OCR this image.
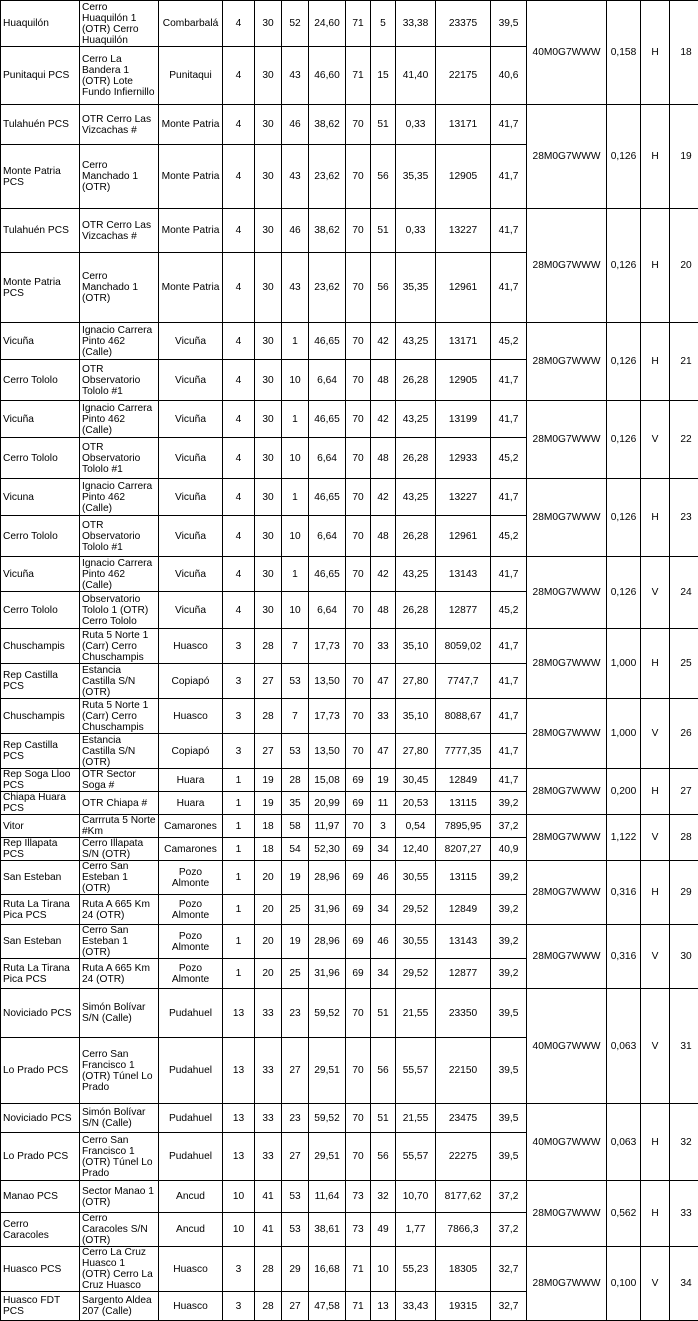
Huaquilón	Cerro Huaquilón 1 (OTR) Cerro Huaquilón	Combarbalá	4	30	52	24,60	71	5	33,38	23375	39,5	40M0G7WWW	0,158	H	18
Punitaqui PCS	Cerro La Bandera 1 (OTR) Lote Fundo Infiernillo	Punitaqui	4	30	43	46,60	71	15	41,40	22175	40,6				
Tulahuén PCS	OTR Cerro Las Vizcachas #	Monte Patria	4	30	46	38,62	70	51	0,33	13171	41,7	28M0G7WWW	0,126	H	19
Monte Patria PCS	Cerro Manchado 1 (OTR)	Monte Patria	4	30	43	23,62	70	56	35,35	12905	41,7				
Tulahuén PCS	OTR Cerro Las Vizcachas #	Monte Patria	4	30	46	38,62	70	51	0,33	13227	41,7	28M0G7WWW	0,126	H	20
Monte Patria PCS	Cerro Manchado 1 (OTR)	Monte Patria	4	30	43	23,62	70	56	35,35	12961	41,7				
Vicuña	Ignacio Carrera Pinto 462 (Calle)	Vicuña	4	30	1	46,65	70	42	43,25	13171	45,2	28M0G7WWW	0,126	H	21
Cerro Tololo	OTR Observatorio Tololo #1	Vicuña	4	30	10	6,64	70	48	26,28	12905	41,7				
Vicuña	Ignacio Carrera Pinto 462 (Calle)	Vicuña	4	30	1	46,65	70	42	43,25	13199	41,7	28M0G7WWW	0,126	V	22
Cerro Tololo	OTR Observatorio Tololo #1	Vicuña	4	30	10	6,64	70	48	26,28	12933	45,2				
Vicuna	Ignacio Carrera Pinto 462 (Calle)	Vicuña	4	30	1	46,65	70	42	43,25	13227	41,7	28M0G7WWW	0,126	H	23
Cerro Tololo	OTR Observatorio Tololo #1	Vicuña	4	30	10	6,64	70	48	26,28	12961	45,2				
Vicuña	Ignacio Carrera Pinto 462 (Calle)	Vicuña	4	30	1	46,65	70	42	43,25	13143	41,7	28M0G7WWW	0,126	V	24
Cerro Tololo	Observatorio Tololo 1 (OTR) Cerro Tololo	Vicuña	4	30	10	6,64	70	48	26,28	12877	45,2				
Chuschampis	Ruta 5 Norte 1 (Carr) Cerro Chuschampis	Huasco	3	28	7	17,73	70	33	35,10	8059,02	41,7	28M0G7WWW	1,000	H	25
Rep Castilla PCS	Estancia Castilla S/N (OTR)	Copiapó	3	27	53	13,50	70	47	27,80	7747,7	41,7				
Chuschampis	Ruta 5 Norte 1 (Carr) Cerro Chuschampis	Huasco	3	28	7	17,73	70	33	35,10	8088,67	41,7	28M0G7WWW	1,000	V	26
Rep Castilla PCS	Estancia Castilla S/N (OTR)	Copiapó	3	27	53	13,50	70	47	27,80	7777,35	41,7				
Rep Soga Lloo PCS	OTR Sector Soga #	Huara	1	19	28	15,08	69	19	30,45	12849	41,7	28M0G7WWW	0,200	H	27
Chiapa Huara PCS	OTR Chiapa #	Huara	1	19	35	20,99	69	11	20,53	13115	39,2				
Vitor	Carrruta 5 Norte #Km	Camarones	1	18	58	11,97	70	3	0,54	7895,95	37,2	28M0G7WWW	1,122	V	28
Rep Illapata PCS	Cerro Illapata S/N (OTR)	Camarones	1	18	54	52,30	69	34	12,40	8207,27	40,9				
San Esteban	Cerro San Esteban 1 (OTR)	Pozo Almonte	1	20	19	28,96	69	46	30,55	13115	39,2	28M0G7WWW	0,316	H	29
Ruta La Tirana Pica PCS	Ruta A 665 Km 24 (OTR)	Pozo Almonte	1	20	25	31,96	69	34	29,52	12849	39,2				
San Esteban	Cerro San Esteban 1 (OTR)	Pozo Almonte	1	20	19	28,96	69	46	30,55	13143	39,2	28M0G7WWW	0,316	V	30
Ruta La Tirana Pica PCS	Ruta A 665 Km 24 (OTR)	Pozo Almonte	1	20	25	31,96	69	34	29,52	12877	39,2				
Noviciado PCS	Simón Bolívar S/N (Calle)	Pudahuel	13	33	23	59,52	70	51	21,55	23350	39,5	40M0G7WWW	0,063	V	31
Lo Prado PCS	Cerro San Francisco 1 (OTR) Túnel Lo Prado	Pudahuel	13	33	27	29,51	70	56	55,57	22150	39,5				
Noviciado PCS	Simón Bolívar S/N (Calle)	Pudahuel	13	33	23	59,52	70	51	21,55	23475	39,5	40M0G7WWW	0,063	H	32
Lo Prado PCS	Cerro San Francisco 1 (OTR) Túnel Lo Prado	Pudahuel	13	33	27	29,51	70	56	55,57	22275	39,5				
Manao PCS	Sector Manao 1 (OTR)	Ancud	10	41	53	11,64	73	32	10,70	8177,62	37,2	28M0G7WWW	0,562	H	33
Cerro Caracoles	Cerro Caracoles S/N (OTR)	Ancud	10	41	53	38,61	73	49	1,77	7866,3	37,2				
Huasco PCS	Cerro La Cruz Huasco 1 (OTR) Cerro La Cruz Huasco	Huasco	3	28	29	16,68	71	10	55,23	18305	32,7	28M0G7WWW	0,100	V	34
Huasco FDT PCS	Sargento Aldea 207 (Calle)	Huasco	3	28	27	47,58	71	13	33,43	19315	32,7				
